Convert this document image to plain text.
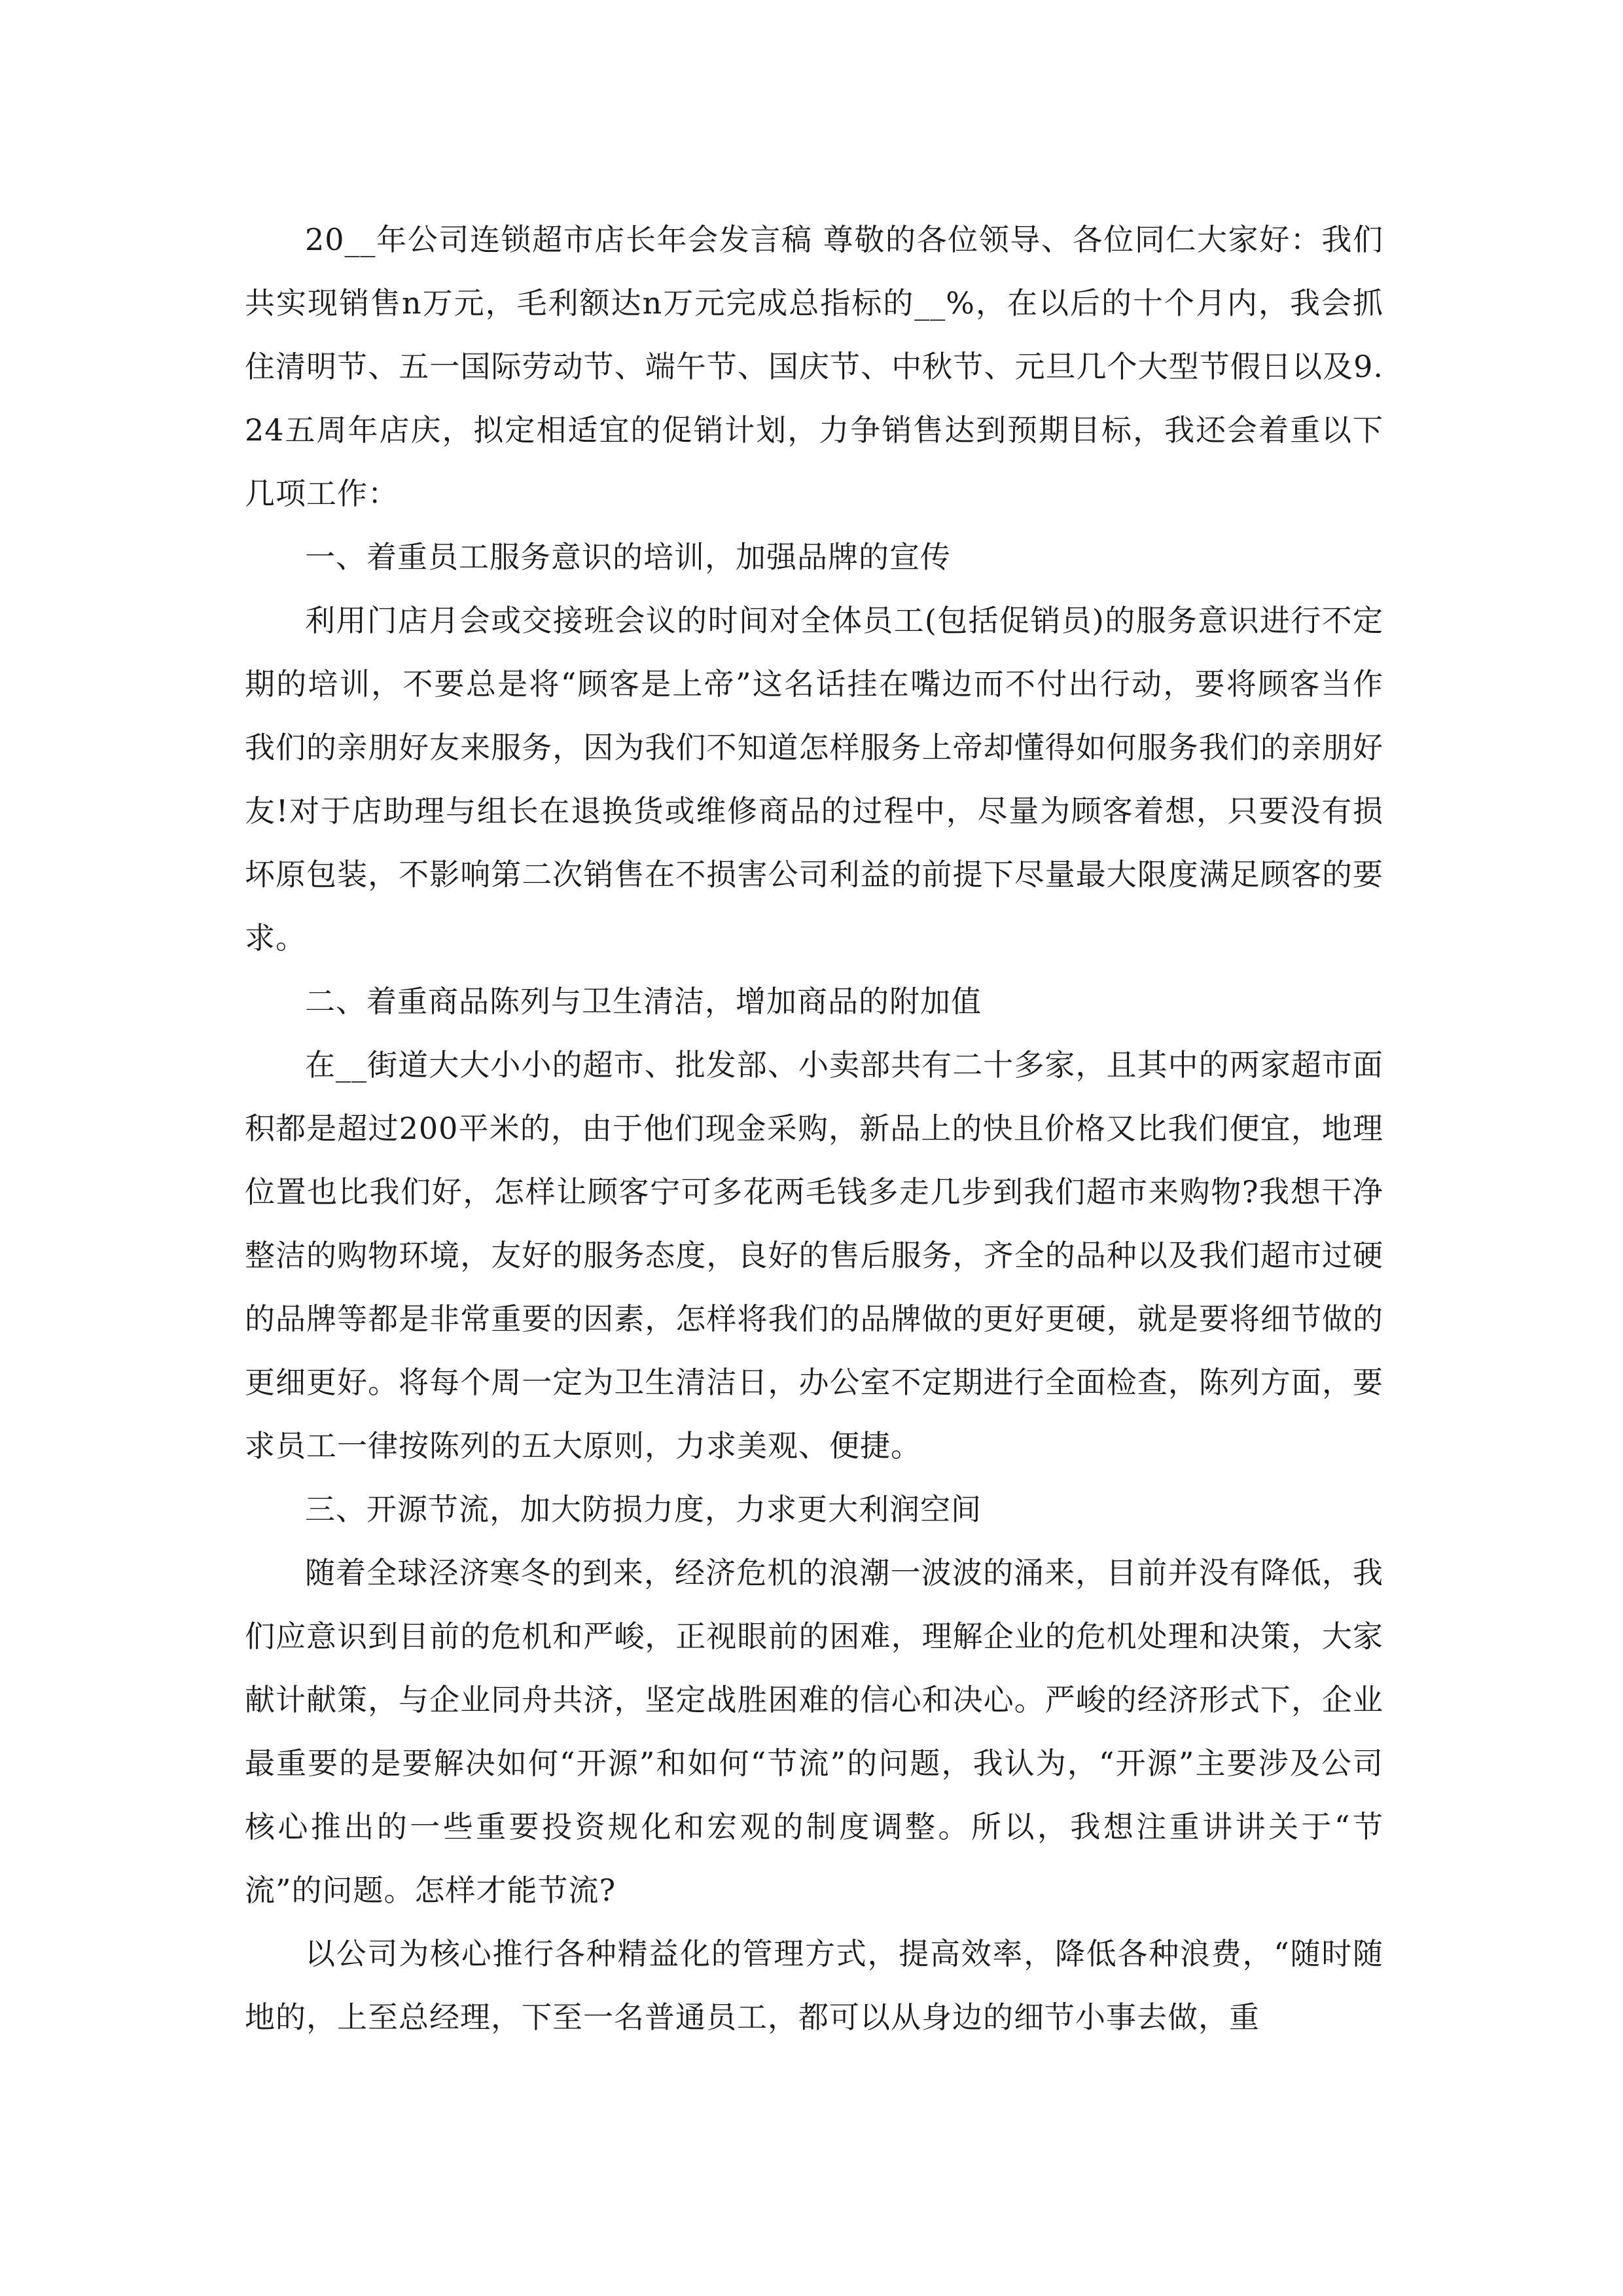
20__年公司连锁超市店长年会发言稿 尊敬的各位领导、各位同仁大家好：我们共实现销售n万元，毛利额达n万元完成总指标的__%，在以后的十个月内，我会抓住清明节、五一国际劳动节、端午节、国庆节、中秋节、元旦几个大型节假日以及9.24五周年店庆，拟定相适宜的促销计划，力争销售达到预期目标，我还会着重以下几项工作：

一、着重员工服务意识的培训，加强品牌的宣传

利用门店月会或交接班会议的时间对全体员工(包括促销员)的服务意识进行不定期的培训，不要总是将“顾客是上帝”这名话挂在嘴边而不付出行动，要将顾客当作我们的亲朋好友来服务，因为我们不知道怎样服务上帝却懂得如何服务我们的亲朋好友!对于店助理与组长在退换货或维修商品的过程中，尽量为顾客着想，只要没有损坏原包装，不影响第二次销售在不损害公司利益的前提下尽量最大限度满足顾客的要求。

二、着重商品陈列与卫生清洁，增加商品的附加值

在__街道大大小小的超市、批发部、小卖部共有二十多家，且其中的两家超市面积都是超过200平米的，由于他们现金采购，新品上的快且价格又比我们便宜，地理位置也比我们好，怎样让顾客宁可多花两毛钱多走几步到我们超市来购物?我想干净整洁的购物环境，友好的服务态度，良好的售后服务，齐全的品种以及我们超市过硬的品牌等都是非常重要的因素，怎样将我们的品牌做的更好更硬，就是要将细节做的更细更好。将每个周一定为卫生清洁日，办公室不定期进行全面检查，陈列方面，要求员工一律按陈列的五大原则，力求美观、便捷。

三、开源节流，加大防损力度，力求更大利润空间

随着全球泾济寒冬的到来，经济危机的浪潮一波波的涌来，目前并没有降低，我们应意识到目前的危机和严峻，正视眼前的困难，理解企业的危机处理和决策，大家献计献策，与企业同舟共济，坚定战胜困难的信心和决心。严峻的经济形式下，企业最重要的是要解决如何“开源”和如何“节流”的问题，我认为，“开源”主要涉及公司核心推出的一些重要投资规化和宏观的制度调整。所以，我想注重讲讲关于“节流”的问题。怎样才能节流?

以公司为核心推行各种精益化的管理方式，提高效率，降低各种浪费，“随时随地的，上至总经理，下至一名普通员工，都可以从身边的细节小事去做，重
